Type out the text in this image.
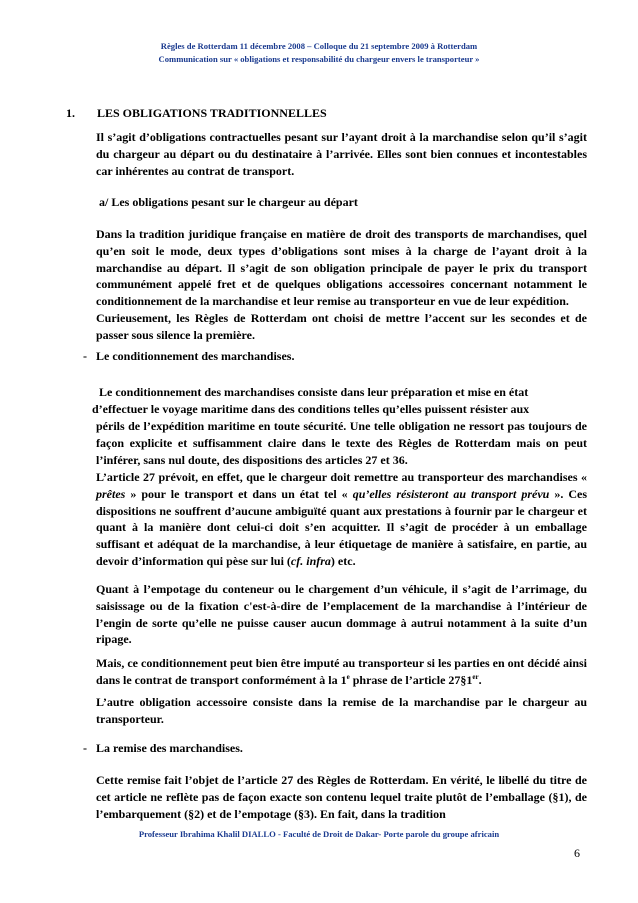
Règles de Rotterdam 11 décembre 2008 – Colloque du 21 septembre 2009 à Rotterdam
Communication sur « obligations et responsabilité du chargeur envers le transporteur »
1. LES OBLIGATIONS TRADITIONNELLES

Il s’agit d’obligations contractuelles pesant sur l’ayant droit à la marchandise selon qu’il s’agit du chargeur au départ ou du destinataire à l’arrivée. Elles sont bien connues et incontestables car inhérentes au contrat de transport.

a/ Les obligations pesant sur le chargeur au départ

Dans la tradition juridique française en matière de droit des transports de marchandises, quel qu’en soit le mode, deux types d’obligations sont mises à la charge de l’ayant droit à la marchandise au départ. Il s’agit de son obligation principale de payer le prix du transport communément appelé fret et de quelques obligations accessoires concernant notamment le conditionnement de la marchandise et leur remise au transporteur en vue de leur expédition.

Curieusement, les Règles de Rotterdam ont choisi de mettre l’accent sur les secondes et de passer sous silence la première.

- Le conditionnement des marchandises.
Le conditionnement des marchandises consiste dans leur préparation et mise en état
d’effectuer le voyage maritime dans des conditions telles qu’elles puissent résister aux

périls de l’expédition maritime en toute sécurité. Une telle obligation ne ressort pas toujours de façon explicite et suffisamment claire dans le texte des Règles de Rotterdam mais on peut l’inférer, sans nul doute, des dispositions des articles 27 et 36.

L’article 27 prévoit, en effet, que le chargeur doit remettre au transporteur des marchandises « prêtes » pour le transport et dans un état tel « qu’elles résisteront au transport prévu ». Ces dispositions ne souffrent d’aucune ambiguïté quant aux prestations à fournir par le chargeur et quant à la manière dont celui-ci doit s’en acquitter. Il s’agit de procéder à un emballage suffisant et adéquat de la marchandise, à leur étiquetage de manière à satisfaire, en partie, au devoir d’information qui pèse sur lui (cf. infra) etc.

Quant à l’empotage du conteneur ou le chargement d’un véhicule, il s’agit de l’arrimage, du saisissage ou de la fixation c'est-à-dire de l’emplacement de la marchandise à l’intérieur de l’engin de sorte qu’elle ne puisse causer aucun dommage à autrui notamment à la suite d’un ripage.

Mais, ce conditionnement peut bien être imputé au transporteur si les parties en ont décidé ainsi dans le contrat de transport conformément à la 1e phrase de l’article 27§1er.

L’autre obligation accessoire consiste dans la remise de la marchandise par le chargeur au transporteur.

- La remise des marchandises.

Cette remise fait l’objet de l’article 27 des Règles de Rotterdam. En vérité, le libellé du titre de cet article ne reflète pas de façon exacte son contenu lequel traite plutôt de l’emballage (§1), de l’embarquement (§2) et de l’empotage (§3). En fait, dans la tradition

Professeur Ibrahima Khalil DIALLO - Faculté de Droit de Dakar- Porte parole du groupe africain
6
